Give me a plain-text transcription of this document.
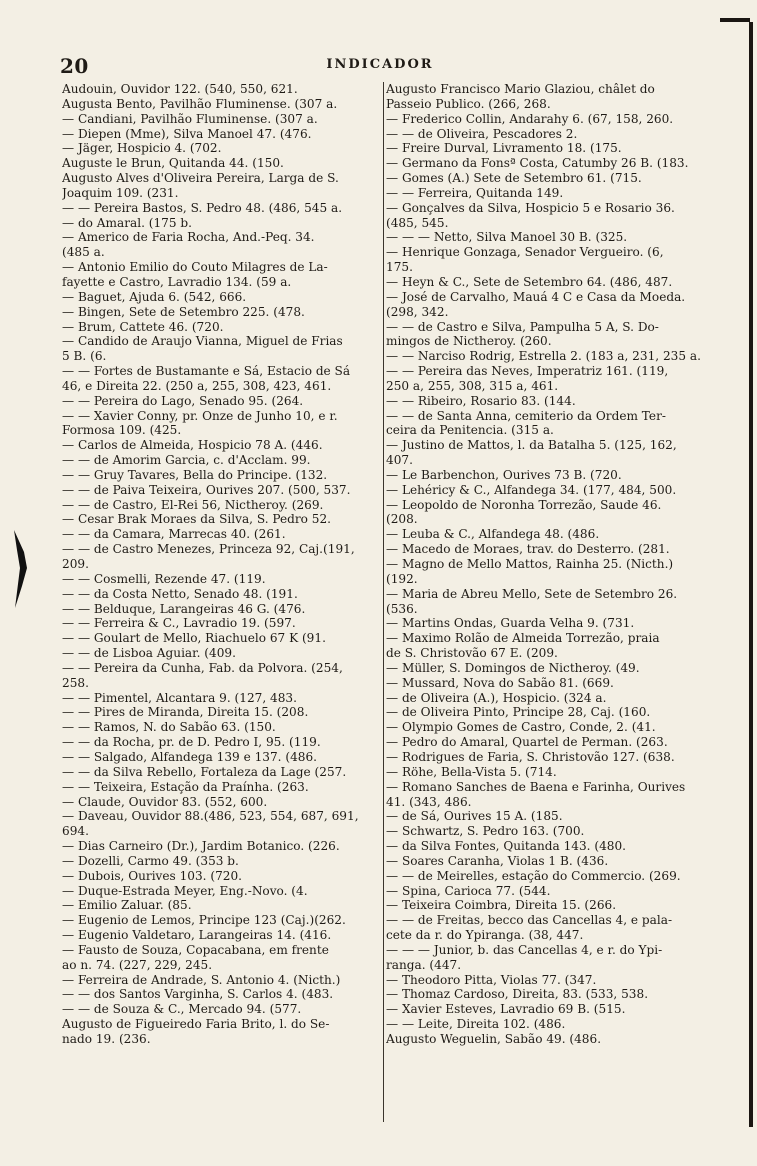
20	INDICADOR
Audouin, Ouvidor 122. (540, 550, 621.
Augusta Bento, Pavilhão Fluminense. (307 a.
— Candiani, Pavilhão Fluminense. (307 a.
— Diepen (Mme), Silva Manoel 47. (476.
— Jäger, Hospicio 4. (702.
Auguste le Brun, Quitanda 44. (150.
Augusto Alves d'Oliveira Pereira, Larga de S.
Joaquim 109. (231.
— — Pereira Bastos, S. Pedro 48. (486, 545 a.
— do Amaral. (175 b.
— Americo de Faria Rocha, And.-Peq. 34.
(485 a.
— Antonio Emilio do Couto Milagres de La-
fayette e Castro, Lavradio 134. (59 a.
— Baguet, Ajuda 6. (542, 666.
— Bingen, Sete de Setembro 225. (478.
— Brum, Cattete 46. (720.
— Candido de Araujo Vianna, Miguel de Frias
5 B. (6.
— — Fortes de Bustamante e Sá, Estacio de Sá
46, e Direita 22. (250 a, 255, 308, 423, 461.
— — Pereira do Lago, Senado 95. (264.
— — Xavier Conny, pr. Onze de Junho 10, e r.
Formosa 109. (425.
— Carlos de Almeida, Hospicio 78 A. (446.
— — de Amorim Garcia, c. d'Acclam. 99.
— — Gruy Tavares, Bella do Principe. (132.
— — de Paiva Teixeira, Ourives 207. (500, 537.
— — de Castro, El-Rei 56, Nictheroy. (269.
— Cesar Brak Moraes da Silva, S. Pedro 52.
— — da Camara, Marrecas 40. (261.
— — de Castro Menezes, Princeza 92, Caj.(191,
209.
— — Cosmelli, Rezende 47. (119.
— — da Costa Netto, Senado 48. (191.
— — Belduque, Larangeiras 46 G. (476.
— — Ferreira & C., Lavradio 19. (597.
— — Goulart de Mello, Riachuelo 67 K (91.
— — de Lisboa Aguiar. (409.
— — Pereira da Cunha, Fab. da Polvora. (254,
258.
— — Pimentel, Alcantara 9. (127, 483.
— — Pires de Miranda, Direita 15. (208.
— — Ramos, N. do Sabão 63. (150.
— — da Rocha, pr. de D. Pedro I, 95. (119.
— — Salgado, Alfandega 139 e 137. (486.
— — da Silva Rebello, Fortaleza da Lage (257.
— — Teixeira, Estação da Praínha. (263.
— Claude, Ouvidor 83. (552, 600.
— Daveau, Ouvidor 88.(486, 523, 554, 687, 691,
694.
— Dias Carneiro (Dr.), Jardim Botanico. (226.
— Dozelli, Carmo 49. (353 b.
— Dubois, Ourives 103. (720.
— Duque-Estrada Meyer, Eng.-Novo. (4.
— Emilio Zaluar. (85.
— Eugenio de Lemos, Principe 123 (Caj.)(262.
— Eugenio Valdetaro, Larangeiras 14. (416.
— Fausto de Souza, Copacabana, em frente
ao n. 74. (227, 229, 245.
— Ferreira de Andrade, S. Antonio 4. (Nicth.)
— — dos Santos Varginha, S. Carlos 4. (483.
— — de Souza & C., Mercado 94. (577.
Augusto de Figueiredo Faria Brito, l. do Se-
nado 19. (236.
Augusto Francisco Mario Glaziou, châlet do
Passeio Publico. (266, 268.
— Frederico Collin, Andarahy 6. (67, 158, 260.
— — de Oliveira, Pescadores 2.
— Freire Durval, Livramento 18. (175.
— Germano da Fonsª Costa, Catumby 26 B. (183.
— Gomes (A.) Sete de Setembro 61. (715.
— — Ferreira, Quitanda 149.
— Gonçalves da Silva, Hospicio 5 e Rosario 36.
(485, 545.
— — — Netto, Silva Manoel 30 B. (325.
— Henrique Gonzaga, Senador Vergueiro. (6,
175.
— Heyn & C., Sete de Setembro 64. (486, 487.
— José de Carvalho, Mauá 4 C e Casa da Moeda.
(298, 342.
— — de Castro e Silva, Pampulha 5 A, S. Do-
mingos de Nictheroy. (260.
— — Narciso Rodrig, Estrella 2. (183 a, 231, 235 a.
— — Pereira das Neves, Imperatriz 161. (119,
250 a, 255, 308, 315 a, 461.
— — Ribeiro, Rosario 83. (144.
— — de Santa Anna, cemiterio da Ordem Ter-
ceira da Penitencia. (315 a.
— Justino de Mattos, l. da Batalha 5. (125, 162,
407.
— Le Barbenchon, Ourives 73 B. (720.
— Lehéricy & C., Alfandega 34. (177, 484, 500.
— Leopoldo de Noronha Torrezão, Saude 46.
(208.
— Leuba & C., Alfandega 48. (486.
— Macedo de Moraes, trav. do Desterro. (281.
— Magno de Mello Mattos, Rainha 25. (Nicth.)
(192.
— Maria de Abreu Mello, Sete de Setembro 26.
(536.
— Martins Ondas, Guarda Velha 9. (731.
— Maximo Rolão de Almeida Torrezão, praia
de S. Christovão 67 E. (209.
— Müller, S. Domingos de Nictheroy. (49.
— Mussard, Nova do Sabão 81. (669.
— de Oliveira (A.), Hospicio. (324 a.
— de Oliveira Pinto, Principe 28, Caj. (160.
— Olympio Gomes de Castro, Conde, 2. (41.
— Pedro do Amaral, Quartel de Perman. (263.
— Rodrigues de Faria, S. Christovão 127. (638.
— Röhe, Bella-Vista 5. (714.
— Romano Sanches de Baena e Farinha, Ourives
41. (343, 486.
— de Sá, Ourives 15 A. (185.
— Schwartz, S. Pedro 163. (700.
— da Silva Fontes, Quitanda 143. (480.
— Soares Caranha, Violas 1 B. (436.
— — de Meirelles, estação do Commercio. (269.
— Spina, Carioca 77. (544.
— Teixeira Coimbra, Direita 15. (266.
— — de Freitas, becco das Cancellas 4, e pala-
cete da r. do Ypiranga. (38, 447.
— — — Junior, b. das Cancellas 4, e r. do Ypi-
ranga. (447.
— Theodoro Pitta, Violas 77. (347.
— Thomaz Cardoso, Direita, 83. (533, 538.
— Xavier Esteves, Lavradio 69 B. (515.
— — Leite, Direita 102. (486.
Augusto Weguelin, Sabão 49. (486.
